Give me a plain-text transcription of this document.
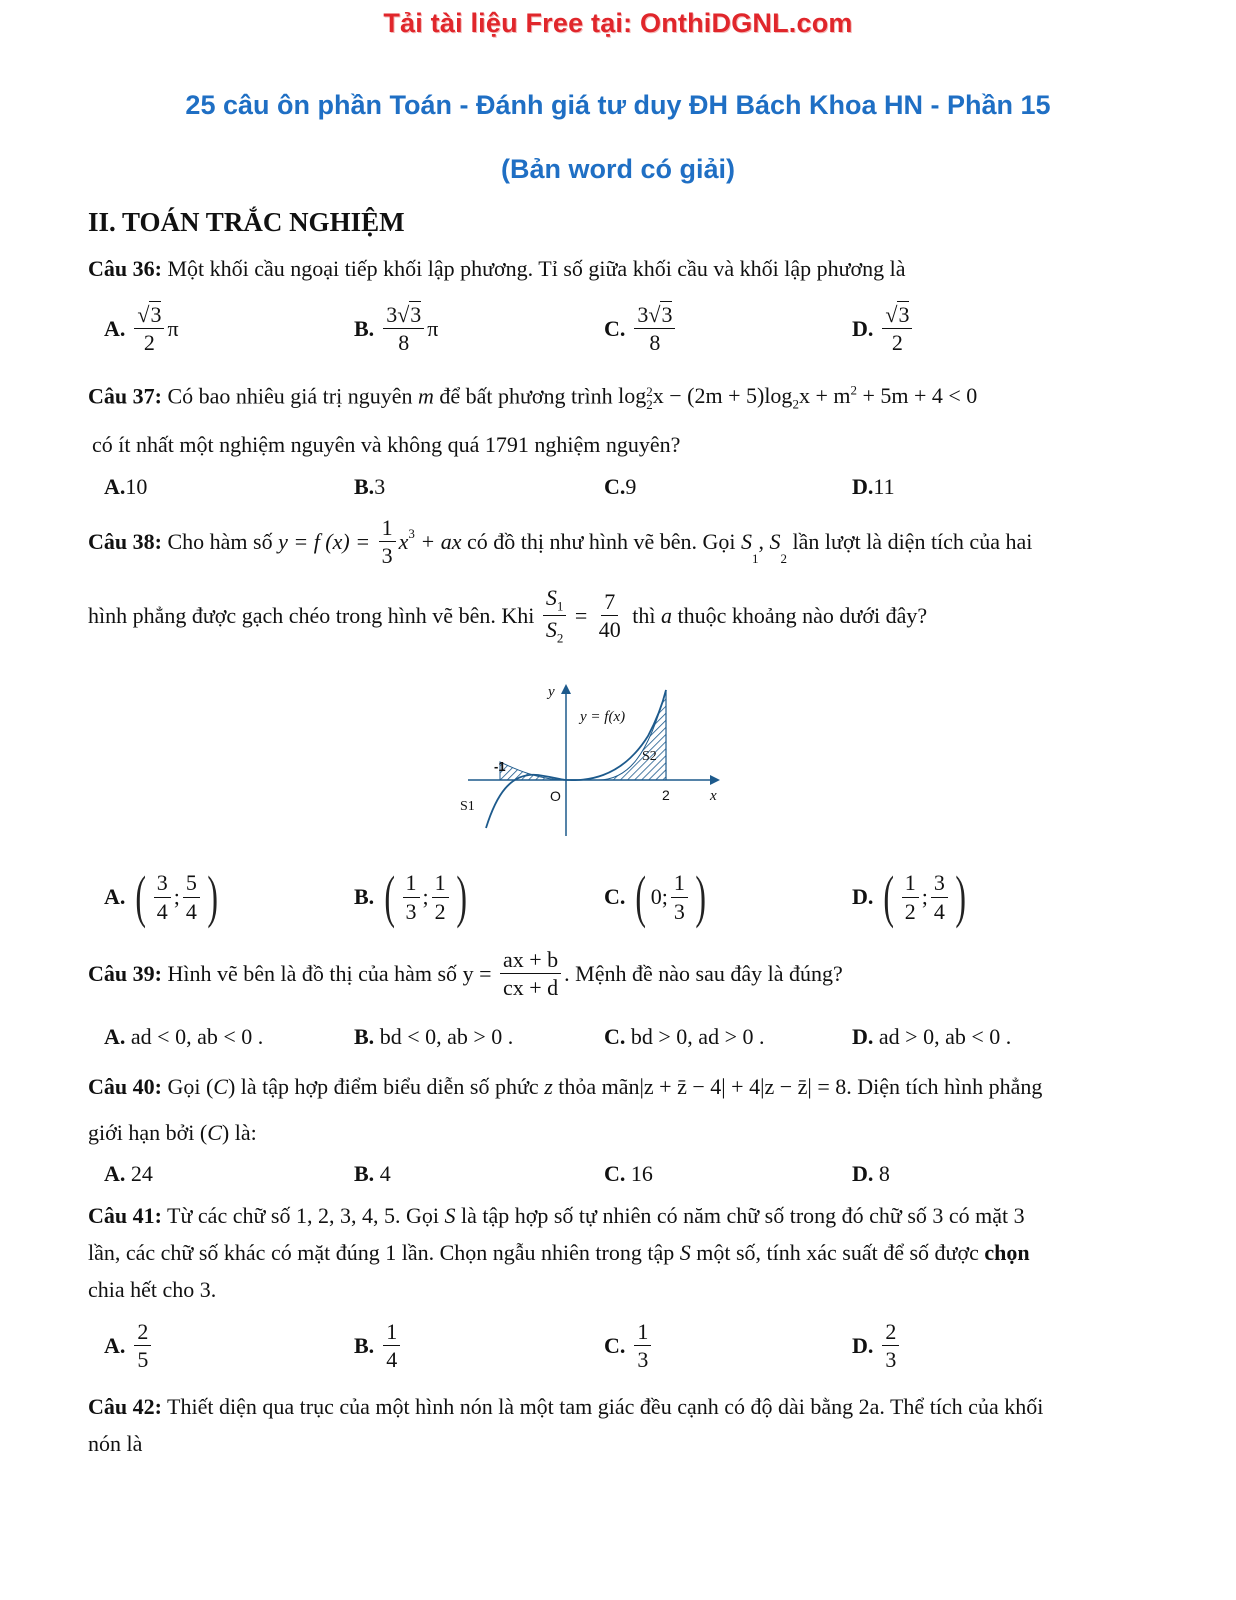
Tải tài liệu Free tại: OnthiDGNL.com
25 câu ôn phần Toán - Đánh giá tư duy ĐH Bách Khoa HN - Phần 15
(Bản word có giải)
II. TOÁN TRẮC NGHIỆM
Câu 36: Một khối cầu ngoại tiếp khối lập phương. Tỉ số giữa khối cầu và khối lập phương là
A. $\frac{√3}{2}$ π	B. $\frac{3√3}{8}$ π	C. $\frac{3√3}{8}$	D. $\frac{√3}{2}$
Câu 37: Có bao nhiêu giá trị nguyên m để bất phương trình log 2
2 $x - (2m + 5)\log_2x + m^2 + 5m + 4 < 0$
có ít nhất một nghiệm nguyên và không quá 1791 nghiệm nguyên?
A. 10	B. 3	C. 9	D. 11
Câu 38: Cho hàm số y = f $(x) = \frac{1}{3} x^3$ + ax có đồ thị như hình vẽ bên. Gọi S
$_1$
, S
$_2$
lần lượt là diện tích của hai
hình phẳng được gạch chéo trong hình vẽ bên. Khi $\frac{S_1}{S_2} = \frac{7}{40}$ thì a thuộc khoảng nào dưới đây?
y
x
y = f(x)
O
-1
2
S1
S2
A. ( $\frac{3}{4}$ ; $\frac{5}{4}$ )	B. ( $\frac{1}{3}$ ; $\frac{1}{2}$ )	C. ( 0; $\frac{1}{3}$ )	D. ( $\frac{1}{2}$ ; $\frac{3}{4}$ )
Câu 39: Hình vẽ bên là đồ thị của hàm số $y = \frac{ax + b}{cx + d}$ . Mệnh đề nào sau đây là đúng?
A. ad < 0, ab < 0 .	B. bd < 0, ab > 0 .	C. bd > 0, ad > 0 .	D. ad > 0, ab < 0 .
Câu 40: Gọi (C) là tập hợp điểm biểu diễn số phức z thỏa mãn|z + z̄ − 4| + 4|z − z̄| = 8. Diện tích hình phẳng
giới hạn bởi (C) là:
A. 24	B. 4	C. 16	D. 8
Câu 41: Từ các chữ số 1, 2, 3, 4, 5. Gọi S là tập hợp số tự nhiên có năm chữ số trong đó chữ số 3 có mặt 3
lần, các chữ số khác có mặt đúng 1 lần. Chọn ngẫu nhiên trong tập S một số, tính xác suất để số được chọn
chia hết cho 3.
A. $\frac{2}{5}$	B. $\frac{1}{4}$	C. $\frac{1}{3}$	D. $\frac{2}{3}$
Câu 42: Thiết diện qua trục của một hình nón là một tam giác đều cạnh có độ dài bằng 2a. Thể tích của khối
nón là
